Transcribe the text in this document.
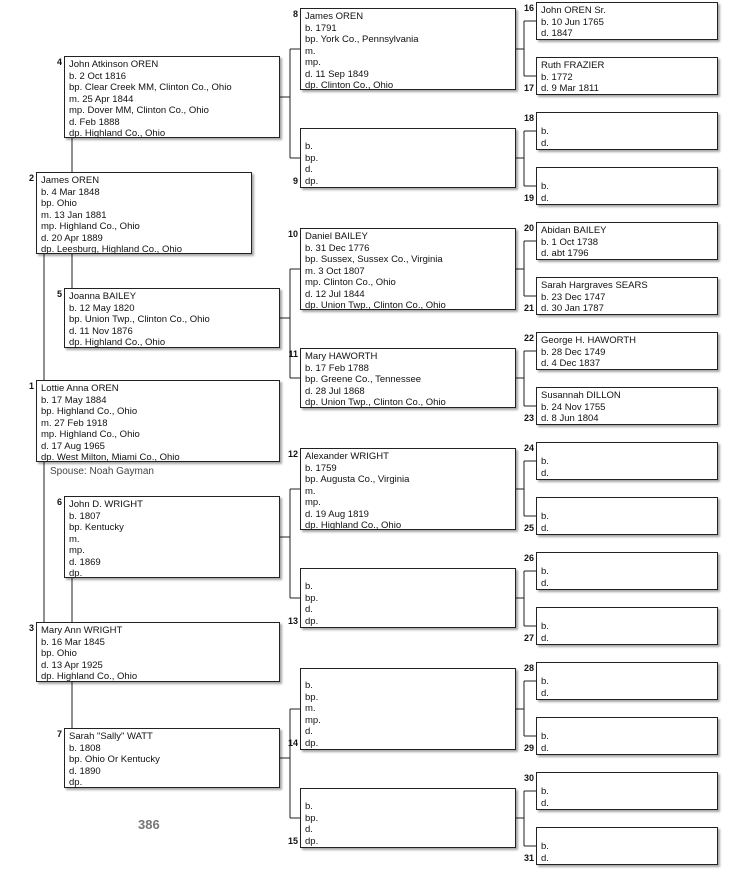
Spouse: Noah Gayman
386
Lottie Anna OREN
b. 17 May 1884
bp. Highland Co., Ohio
m. 27 Feb 1918
mp. Highland Co., Ohio
d. 17 Aug 1965
dp. West Milton, Miami Co., Ohio
1
James OREN
b. 4 Mar 1848
bp. Ohio
m. 13 Jan 1881
mp. Highland Co., Ohio
d. 20 Apr 1889
dp. Leesburg, Highland Co., Ohio
2
Mary Ann WRIGHT
b. 16 Mar 1845
bp. Ohio
d. 13 Apr 1925
dp. Highland Co., Ohio
3
John Atkinson OREN
b. 2 Oct 1816
bp. Clear Creek MM, Clinton Co., Ohio
m. 25 Apr 1844
mp. Dover MM, Clinton Co., Ohio
d. Feb 1888
dp. Highland Co., Ohio
4
Joanna BAILEY
b. 12 May 1820
bp. Union Twp., Clinton Co., Ohio
d. 11 Nov 1876
dp. Highland Co., Ohio
5
John D. WRIGHT
b. 1807
bp. Kentucky
m.
mp.
d. 1869
dp.
6
Sarah "Sally" WATT
b. 1808
bp. Ohio Or Kentucky
d. 1890
dp.
7
James OREN
b. 1791
bp. York Co., Pennsylvania
m.
mp.
d. 11 Sep 1849
dp. Clinton Co., Ohio
8
b.
bp.
d.
dp.
9
Daniel BAILEY
b. 31 Dec 1776
bp. Sussex, Sussex Co., Virginia
m. 3 Oct 1807
mp. Clinton Co., Ohio
d. 12 Jul 1844
dp. Union Twp., Clinton Co., Ohio
10
Mary HAWORTH
b. 17 Feb 1788
bp. Greene Co., Tennessee
d. 28 Jul 1868
dp. Union Twp., Clinton Co., Ohio
11
Alexander WRIGHT
b. 1759
bp. Augusta Co., Virginia
m.
mp.
d. 19 Aug 1819
dp. Highland Co., Ohio
12
b.
bp.
d.
dp.
13
b.
bp.
m.
mp.
d.
dp.
14
b.
bp.
d.
dp.
15
John OREN Sr.
b. 10 Jun 1765
d. 1847
16
Ruth FRAZIER
b. 1772
d. 9 Mar 1811
17
b.
d.
18
b.
d.
19
Abidan BAILEY
b. 1 Oct 1738
d. abt 1796
20
Sarah Hargraves SEARS
b. 23 Dec 1747
d. 30 Jan 1787
21
George H. HAWORTH
b. 28 Dec 1749
d. 4 Dec 1837
22
Susannah DILLON
b. 24 Nov 1755
d. 8 Jun 1804
23
b.
d.
24
b.
d.
25
b.
d.
26
b.
d.
27
b.
d.
28
b.
d.
29
b.
d.
30
b.
d.
31
